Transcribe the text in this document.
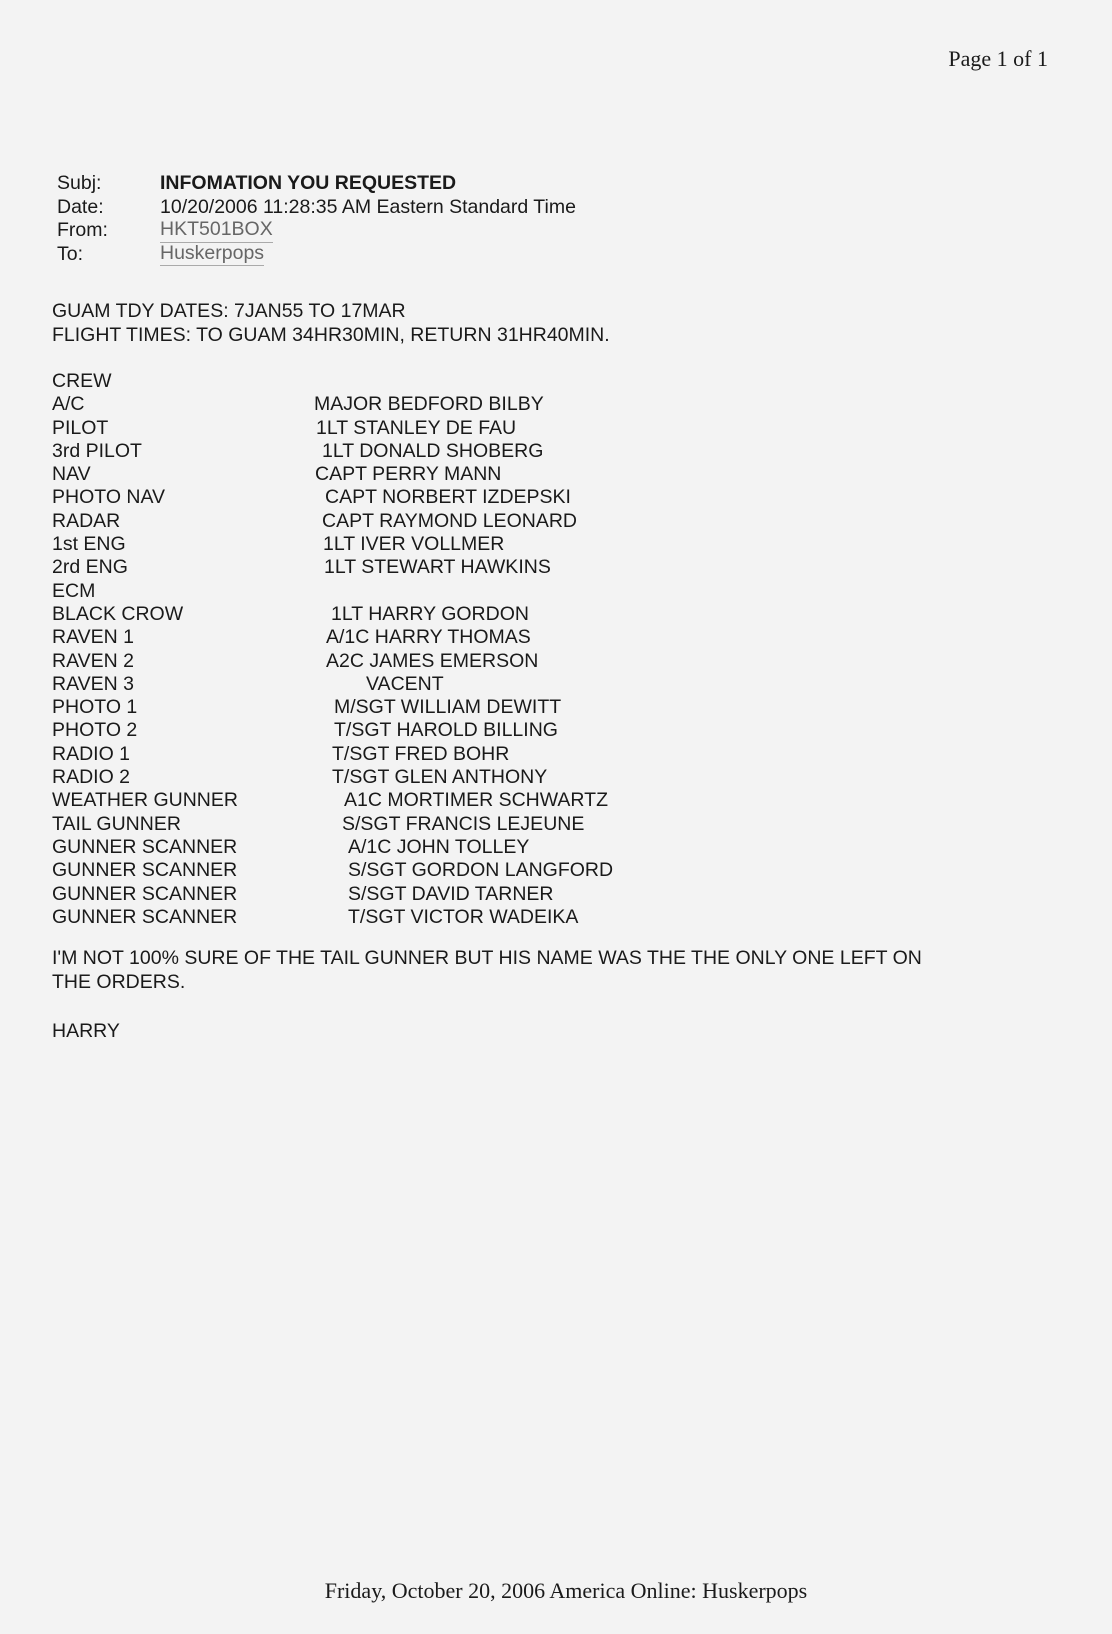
Page 1 of 1
Subj:	INFOMATION YOU REQUESTED
Date:	10/20/2006 11:28:35 AM Eastern Standard Time
From:	HKT501BOX
To:	Huskerpops
GUAM TDY DATES: 7JAN55 TO 17MAR
FLIGHT TIMES: TO GUAM 34HR30MIN, RETURN 31HR40MIN.
CREW
A/C	MAJOR BEDFORD BILBY
PILOT	1LT STANLEY DE FAU
3rd PILOT	1LT DONALD SHOBERG
NAV	CAPT PERRY MANN
PHOTO NAV	CAPT NORBERT IZDEPSKI
RADAR	CAPT RAYMOND LEONARD
1st ENG	1LT IVER VOLLMER
2rd ENG	1LT STEWART HAWKINS
ECM
BLACK CROW	1LT HARRY GORDON
RAVEN 1	A/1C HARRY THOMAS
RAVEN 2	A2C JAMES EMERSON
RAVEN 3	VACENT
PHOTO 1	M/SGT WILLIAM DEWITT
PHOTO 2	T/SGT HAROLD BILLING
RADIO 1	T/SGT FRED BOHR
RADIO 2	T/SGT GLEN ANTHONY
WEATHER GUNNER	A1C MORTIMER SCHWARTZ
TAIL GUNNER	S/SGT FRANCIS LEJEUNE
GUNNER SCANNER	A/1C JOHN TOLLEY
GUNNER SCANNER	S/SGT GORDON LANGFORD
GUNNER SCANNER	S/SGT DAVID TARNER
GUNNER SCANNER	T/SGT VICTOR WADEIKA
I'M NOT 100% SURE OF THE TAIL GUNNER BUT HIS NAME WAS THE THE ONLY ONE LEFT ON THE ORDERS.
HARRY
Friday, October 20, 2006 America Online: Huskerpops
